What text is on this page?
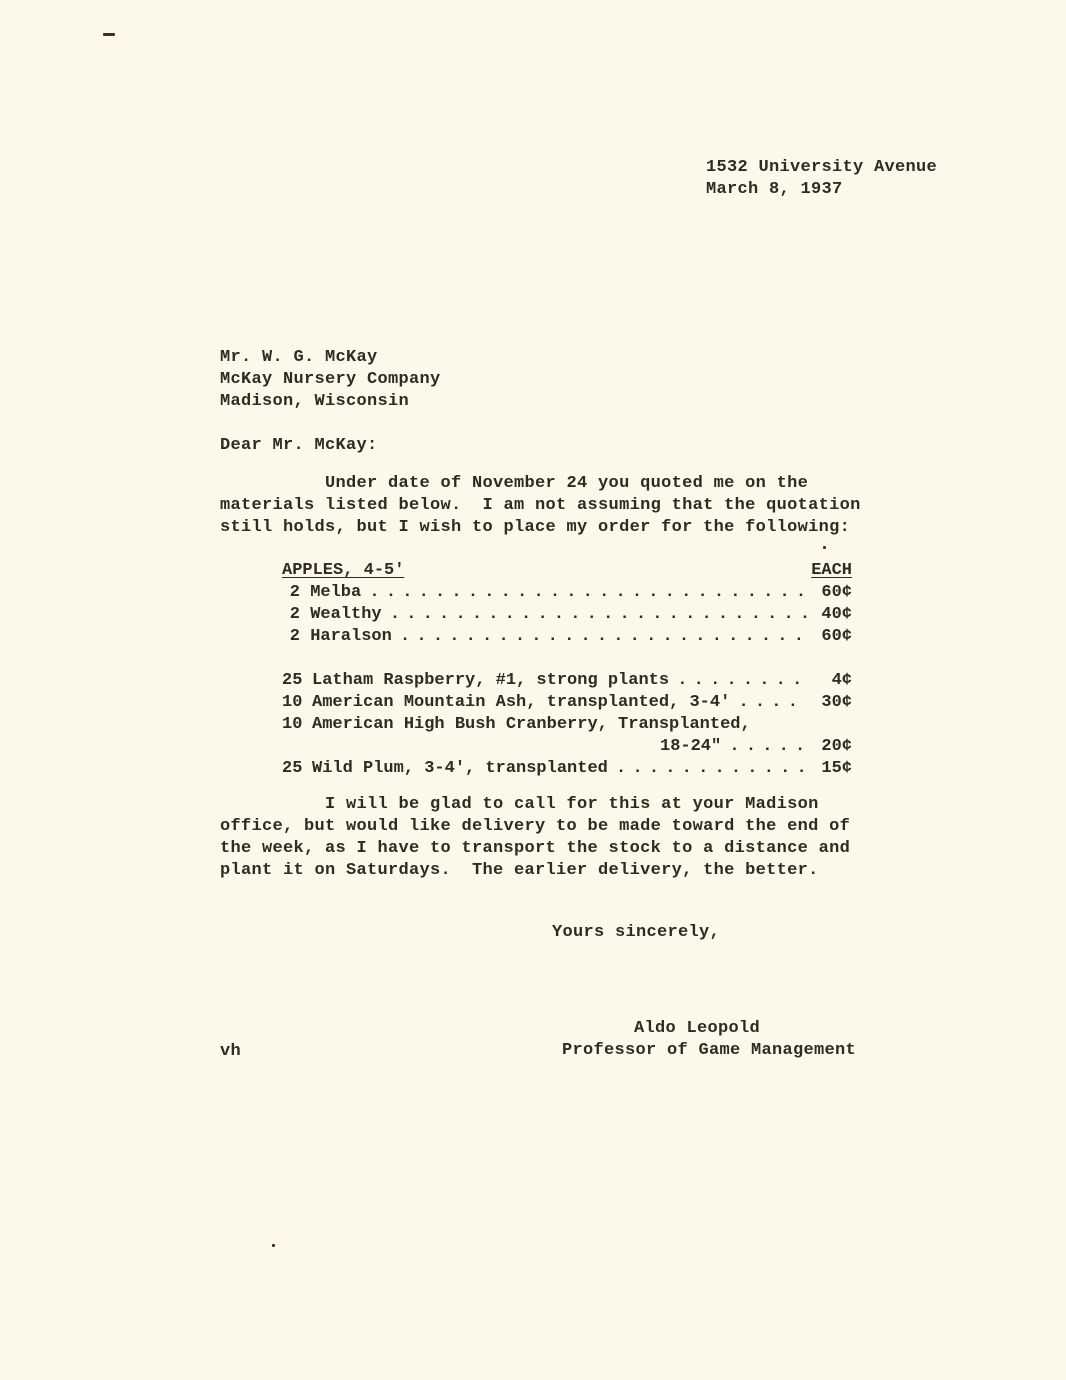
1532 University Avenue
March 8, 1937
Mr. W. G. McKay
McKay Nursery Company
Madison, Wisconsin
Dear Mr. McKay:
Under date of November 24 you quoted me on the
materials listed below.  I am not assuming that the quotation
still holds, but I wish to place my order for the following:
APPLES, 4-5'	EACH
2 Melba . . .	60¢
2 Wealthy . . .	40¢
2 Haralson . . .	60¢
25 Latham Raspberry, #1, strong plants . . .	4¢
10 American Mountain Ash, transplanted, 3-4' . . .	30¢
10 American High Bush Cranberry, Transplanted,
18-24" . . .	20¢
25 Wild Plum, 3-4', transplanted . . .	15¢
I will be glad to call for this at your Madison
office, but would like delivery to be made toward the end of
the week, as I have to transport the stock to a distance and
plant it on Saturdays.  The earlier delivery, the better.
Yours sincerely,
Aldo Leopold
Professor of Game Management
vh
